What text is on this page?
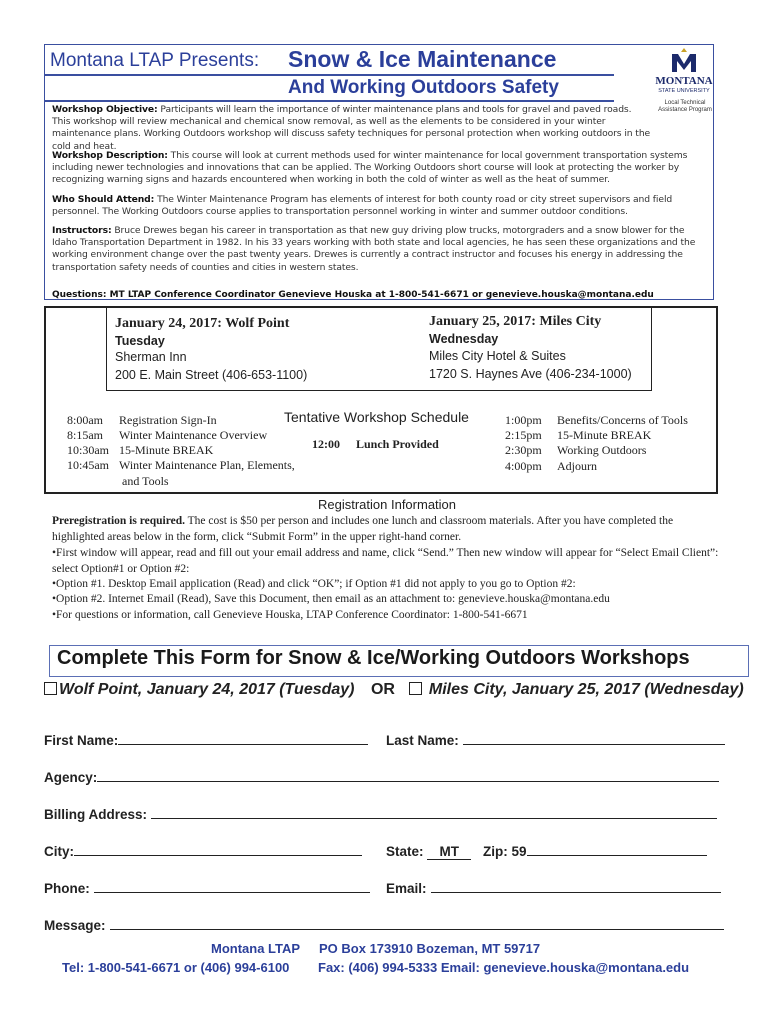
Montana LTAP Presents: Snow & Ice Maintenance
And Working Outdoors Safety	MONTANA
STATE UNIVERSITY
Local Technical Assistance Program
Workshop Objective: Participants will learn the importance of winter maintenance plans and tools for gravel and paved roads. This workshop will review mechanical and chemical snow removal, as well as the elements to be considered in your winter maintenance plans. Working Outdoors workshop will discuss safety techniques for personal protection when working outdoors in the cold and heat.
Workshop Description: This course will look at current methods used for winter maintenance for local government transportation systems including newer technologies and innovations that can be applied. The Working Outdoors short course will look at protecting the worker by recognizing warning signs and hazards encountered when working in both the cold of winter as well as the heat of summer.
Who Should Attend: The Winter Maintenance Program has elements of interest for both county road or city street supervisors and field personnel. The Working Outdoors course applies to transportation personnel working in winter and summer outdoor conditions.
Instructors: Bruce Drewes began his career in transportation as that new guy driving plow trucks, motorgraders and a snow blower for the Idaho Transportation Department in 1982. In his 33 years working with both state and local agencies, he has seen these organizations and the working environment change over the past twenty years. Drewes is currently a contract instructor and focuses his energy in addressing the transportation safety needs of counties and cities in western states.
Questions: MT LTAP Conference Coordinator Genevieve Houska at 1-800-541-6671 or genevieve.houska@montana.edu
January 24, 2017: Wolf Point
Tuesday
Sherman Inn
200 E. Main Street (406-653-1100)
January 25, 2017: Miles City
Wednesday
Miles City Hotel & Suites
1720 S. Haynes Ave (406-234-1000)
Tentative Workshop Schedule
8:00am Registration Sign-In
8:15am Winter Maintenance Overview
10:30am 15-Minute BREAK
10:45am Winter Maintenance Plan, Elements,
and Tools
12:00 Lunch Provided
1:00pm Benefits/Concerns of Tools
2:15pm 15-Minute BREAK
2:30pm Working Outdoors
4:00pm Adjourn
Registration Information
Preregistration is required. The cost is $50 per person and includes one lunch and classroom materials. After you have completed the highlighted areas below in the form, click “Submit Form” in the upper right-hand corner.
•First window will appear, read and fill out your email address and name, click “Send.” Then new window will appear for “Select Email Client”: select Option#1 or Option #2:
•Option #1. Desktop Email application (Read) and click “OK”; if Option #1 did not apply to you go to Option #2:
•Option #2. Internet Email (Read), Save this Document, then email as an attachment to: genevieve.houska@montana.edu
•For questions or information, call Genevieve Houska, LTAP Conference Coordinator: 1-800-541-6671
Complete This Form for Snow & Ice/Working Outdoors Workshops
Wolf Point, January 24, 2017 (Tuesday) OR  Miles City, January 25, 2017 (Wednesday)
First Name:	Last Name:
Agency:
Billing Address:
City:	State: MT Zip: 59
Phone:	Email:
Message:
Montana LTAP PO Box 173910 Bozeman, MT 59717
Tel: 1-800-541-6671 or (406) 994-6100 Fax: (406) 994-5333 Email: genevieve.houska@montana.edu
